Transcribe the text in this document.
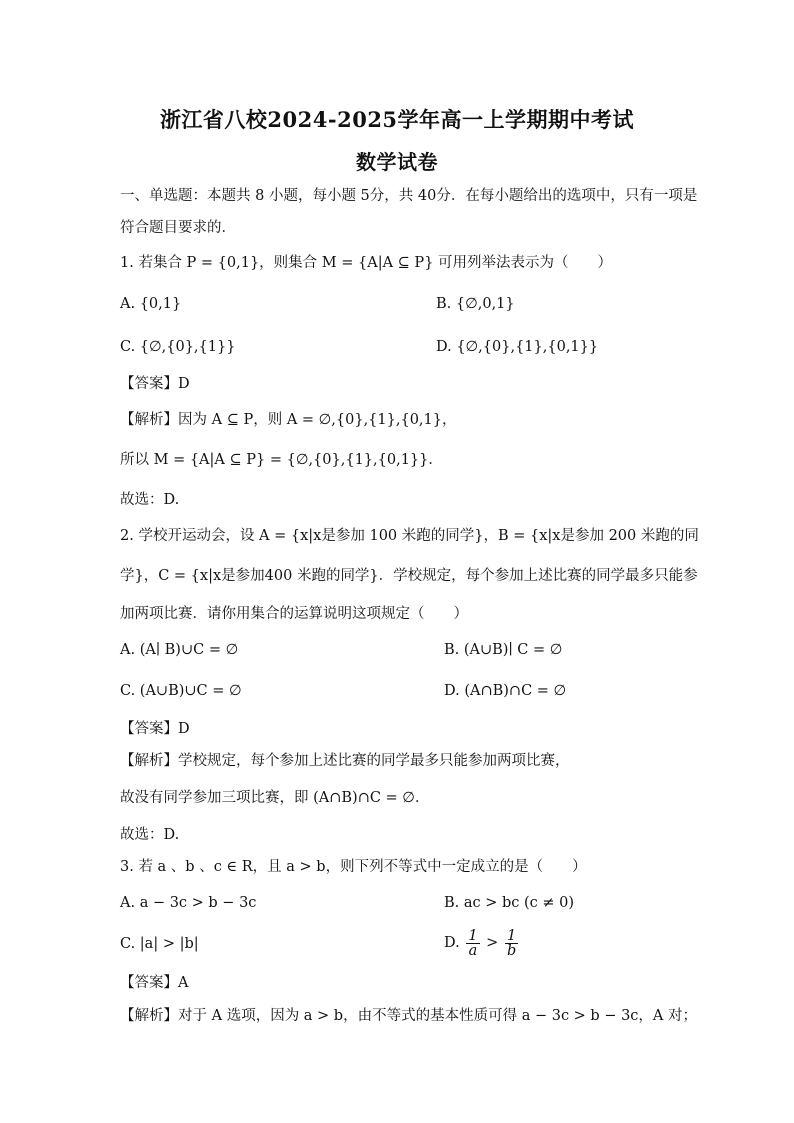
浙江省八校2024-2025学年高一上学期期中考试
数学试卷
一、单选题：本题共 8 小题，每小题 5分，共 40分．在每小题给出的选项中，只有一项是
符合题目要求的．
1. 若集合 P = {0,1}，则集合 M = {A|A ⊆ P} 可用列举法表示为（　　）
A. {0,1}	B. {∅,0,1}
C. {∅,{0},{1}}	D. {∅,{0},{1},{0,1}}
【答案】D
【解析】因为 A ⊆ P，则 A = ∅,{0},{1},{0,1}，
所以 M = {A|A ⊆ P} = {∅,{0},{1},{0,1}}．
故选：D.
2. 学校开运动会，设 A = {x|x是参加 100 米跑的同学}，B = {x|x是参加 200 米跑的同
学}，C = {x|x是参加400 米跑的同学}．学校规定，每个参加上述比赛的同学最多只能参
加两项比赛．请你用集合的运算说明这项规定（　　）
A. (A∣ B)∪C = ∅	B. (A∪B)∣ C = ∅
C. (A∪B)∪C = ∅	D. (A∩B)∩C = ∅
【答案】D
【解析】学校规定，每个参加上述比赛的同学最多只能参加两项比赛，
故没有同学参加三项比赛，即 (A∩B)∩C = ∅．
故选：D.
3. 若 a 、b 、c ∈ R，且 a > b，则下列不等式中一定成立的是（　　）
A. a − 3c > b − 3c	B. ac > bc (c ≠ 0)
C. |a| > |b|	D. $\frac{1}{a} > \frac{1}{b}$
【答案】A
【解析】对于 A 选项，因为 a > b，由不等式的基本性质可得 a − 3c > b − 3c，A 对；
